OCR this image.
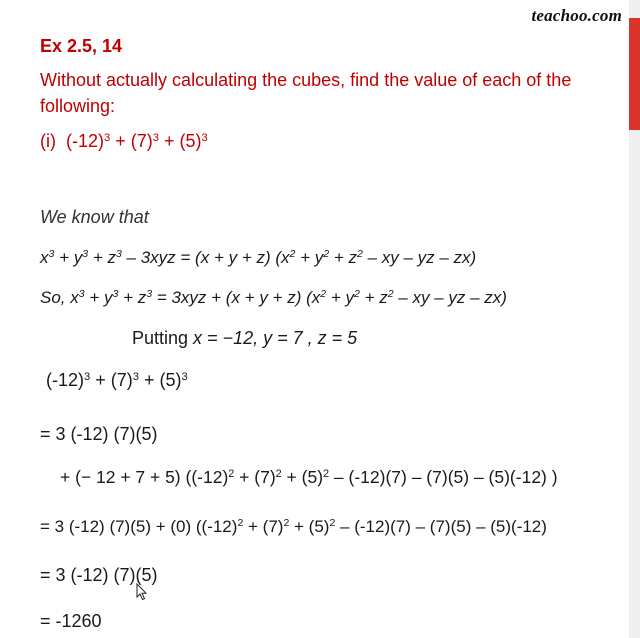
teachoo.com
Ex 2.5, 14
Without actually calculating the cubes, find the value of each of the
following:
(i) $(-12)^3 + (7)^3 + (5)^3$
We know that
$x^3 + y^3 + z^3 - 3xyz = (x + y + z) (x^2 + y^2 + z^2$ – xy – yz – zx)
So, $x^3 + y^3 + z^3 = 3xyz + (x + y + z) (x^2 + y^2 + z^2$ – xy – yz – zx)
Putting x = −12, y = 7 , z = 5
$(-12)^3 + (7)^3 + (5)^3$
= 3 (-12) (7)(5)
+ (− 12 + 7 + 5) ($(-12)^2 + (7)^2 + (5)^2 - (-12)(7) - (7)(5) - (5)(-12)$ )
= 3 (-12) (7)(5) + (0) ($(-12)^2 + (7)^2 + (5)^2 - (-12)(7) - (7)(5) - (5)(-12)$
= 3 (-12) (7)(5)
= -1260
